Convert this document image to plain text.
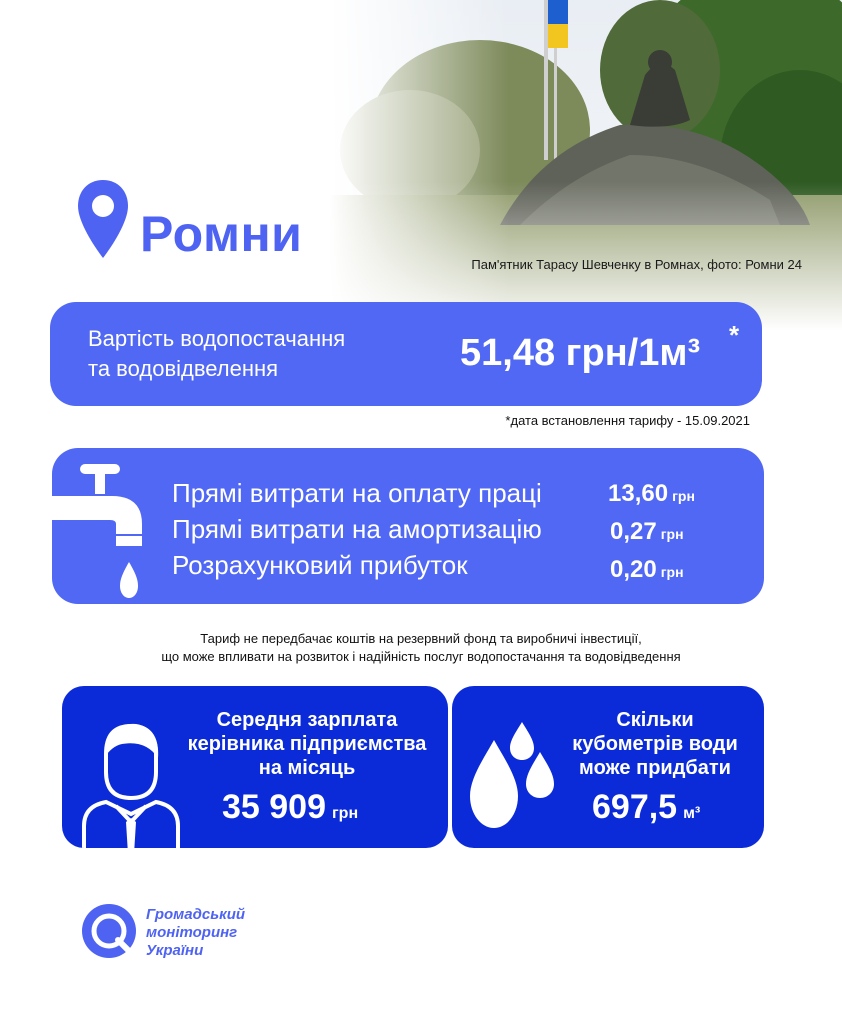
Ромни
Пам'ятник Тарасу Шевченку в Ромнах, фото: Ромни 24
Вартість водопостачання
та водовідвелення	51,48 грн/1м³ *
*дата встановлення тарифу - 15.09.2021
Прямі витрати на оплату праці	13,60 грн
Прямі витрати на амортизацію	0,27 грн
Розрахунковий прибуток	0,20 грн
Тариф не передбачає коштів на резервний фонд та виробничі інвестиції,
що може впливати на розвиток і надійність послуг водопостачання та водовідведення
Середня зарплата
керівника підприємства
на місяць
35 909 грн
Скільки
кубометрів води
може придбати
697,5 м³
Громадський
моніторинг
України
